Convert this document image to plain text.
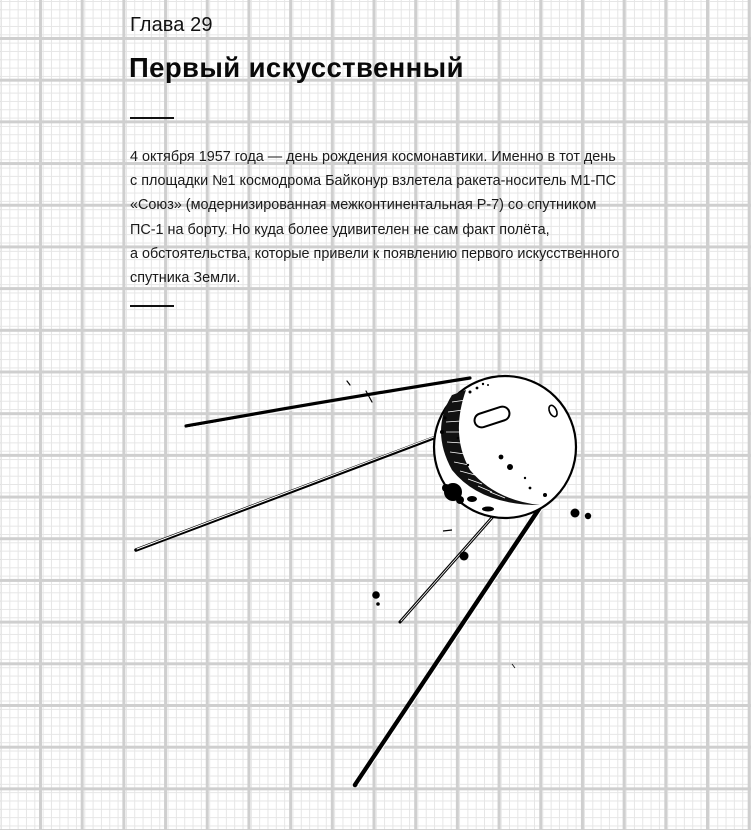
Глава 29
Первый искусственный
4 октября 1957 года — день рождения космонавтики. Именно в тот день
с площадки №1 космодрома Байконур взлетела ракета-носитель М1-ПС
«Союз» (модернизированная межконтинентальная Р-7) со спутником
ПС-1 на борту. Но куда более удивителен не сам факт полёта,
а обстоятельства, которые привели к появлению первого искусственного
спутника Земли.
